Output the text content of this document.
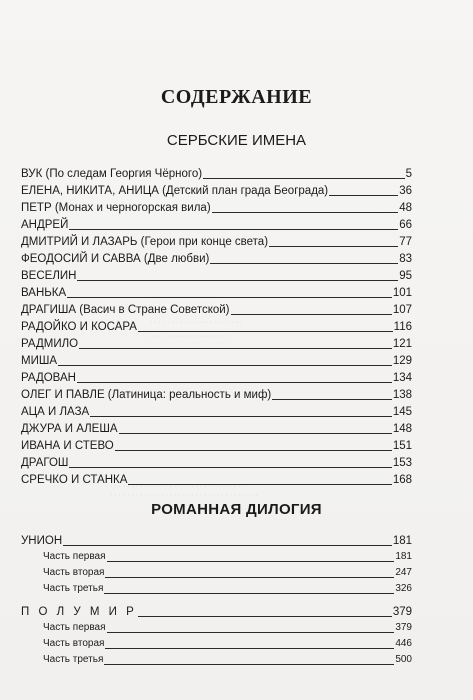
· · · · · · · · · · · · · · · · ·
· · · · · · · · · · · · · · · · · · · · · ·
· · · · · · · · · · · · · · · · · · ·
· · · · · · · · · · · · · · · · · · · · · · · · · · · · · · · · ·
· · · · · · · · · · · · · · · · · · · · · · · · · · · · · · · · · · ·
СОДЕРЖАНИЕ
СЕРБСКИЕ ИМЕНА
ВУК (По следам Георгия Чёрного)	5
ЕЛЕНА, НИКИТА, АНИЦА (Детский план града Београда)	36
ПЕТР (Монах и черногорская вила)	48
АНДРЕЙ	66
ДМИТРИЙ И ЛАЗАРЬ (Герои при конце света)	77
ФЕОДОСИЙ И САВВА (Две любви)	83
ВЕСЕЛИН	95
ВАНЬКА	101
ДРАГИША (Васич в Стране Советской)	107
РАДОЙКО И КОСАРА	116
РАДМИЛО	121
МИША	129
РАДОВАН	134
ОЛЕГ И ПАВЛЕ (Латиница: реальность и миф)	138
АЦА И ЛАЗА	145
ДЖУРА И АЛЕША	148
ИВАНА И СТЕВО	151
ДРАГОШ	153
СРЕЧКО И СТАНКА	168
РОМАННАЯ ДИЛОГИЯ
УНИОН	181
Часть первая	181
Часть вторая	247
Часть третья	326
П О Л У М И Р	379
Часть первая	379
Часть вторая	446
Часть третья	500
